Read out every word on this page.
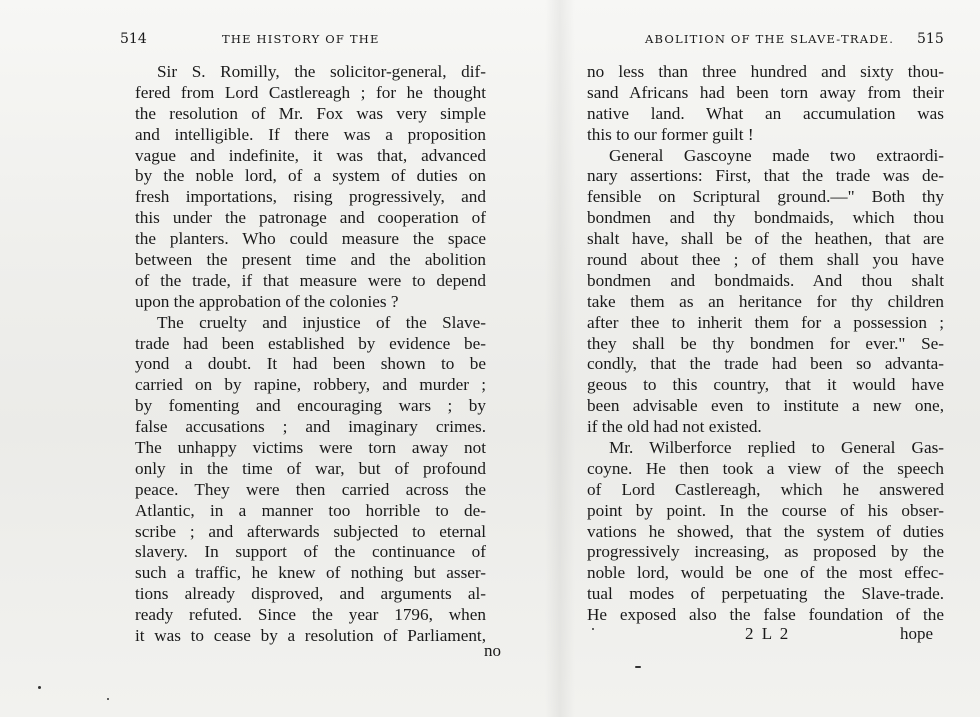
514	THE HISTORY OF THE
Sir S. Romilly, the solicitor-general, dif-
fered from Lord Castlereagh ; for he thought
the resolution of Mr. Fox was very simple
and intelligible. If there was a proposition
vague and indefinite, it was that, advanced
by the noble lord, of a system of duties on
fresh importations, rising progressively, and
this under the patronage and cooperation of
the planters. Who could measure the space
between the present time and the abolition
of the trade, if that measure were to depend
upon the approbation of the colonies ?
The cruelty and injustice of the Slave-
trade had been established by evidence be-
yond a doubt. It had been shown to be
carried on by rapine, robbery, and murder ;
by fomenting and encouraging wars ; by
false accusations ; and imaginary crimes.
The unhappy victims were torn away not
only in the time of war, but of profound
peace. They were then carried across the
Atlantic, in a manner too horrible to de-
scribe ; and afterwards subjected to eternal
slavery. In support of the continuance of
such a traffic, he knew of nothing but asser-
tions already disproved, and arguments al-
ready refuted. Since the year 1796, when
it was to cease by a resolution of Parliament,
no
ABOLITION OF THE SLAVE-TRADE. 515
no less than three hundred and sixty thou-
sand Africans had been torn away from their
native land. What an accumulation was
this to our former guilt !
General Gascoyne made two extraordi-
nary assertions: First, that the trade was de-
fensible on Scriptural ground.—" Both thy
bondmen and thy bondmaids, which thou
shalt have, shall be of the heathen, that are
round about thee ; of them shall you have
bondmen and bondmaids. And thou shalt
take them as an heritance for thy children
after thee to inherit them for a possession ;
they shall be thy bondmen for ever." Se-
condly, that the trade had been so advanta-
geous to this country, that it would have
been advisable even to institute a new one,
if the old had not existed.
Mr. Wilberforce replied to General Gas-
coyne. He then took a view of the speech
of Lord Castlereagh, which he answered
point by point. In the course of his obser-
vations he showed, that the system of duties
progressively increasing, as proposed by the
noble lord, would be one of the most effec-
tual modes of perpetuating the Slave-trade.
He exposed also the false foundation of the
2 L 2	hope
